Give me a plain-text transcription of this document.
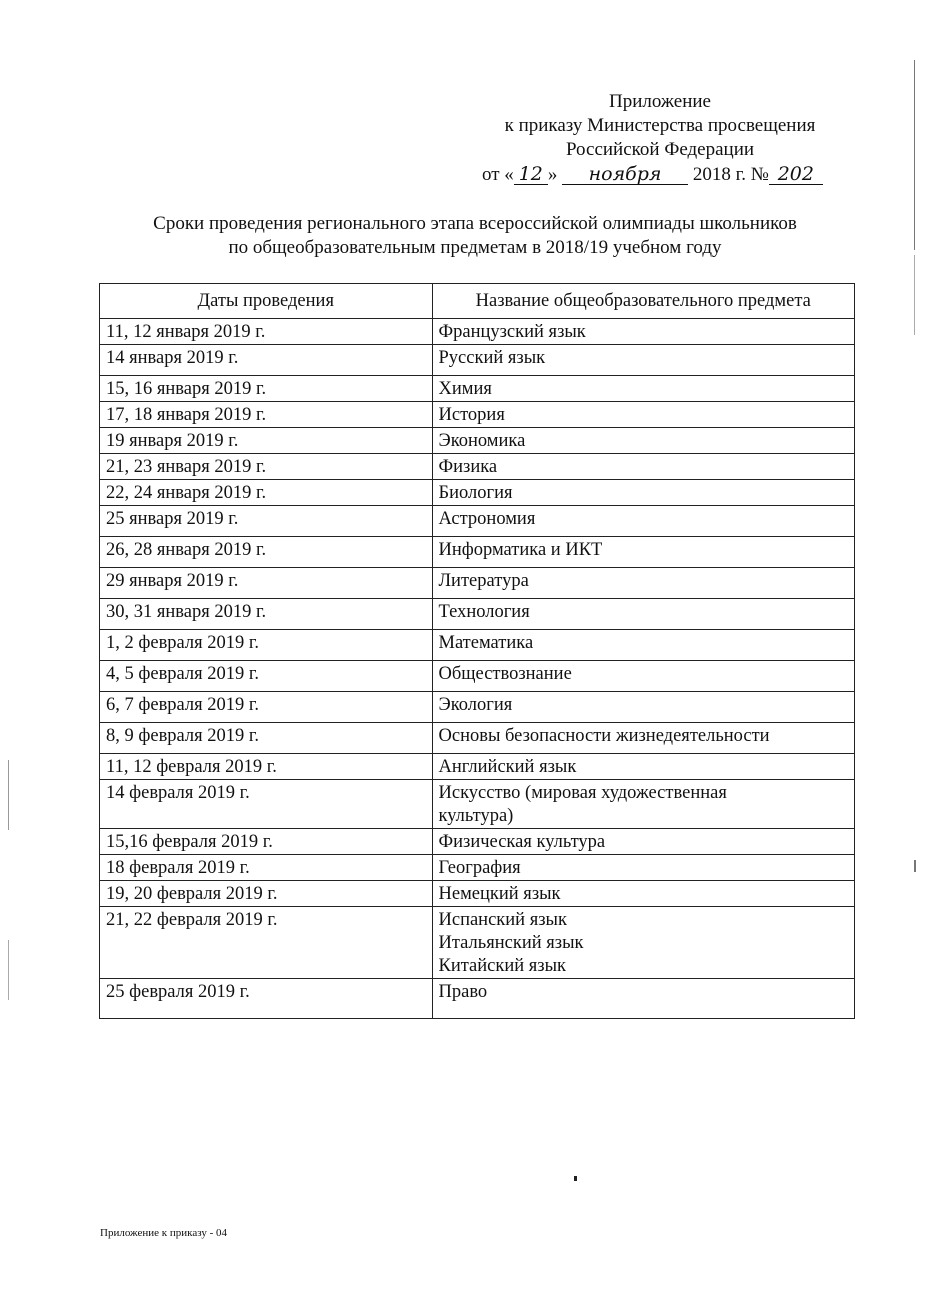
Приложение
к приказу Министерства просвещения
Российской Федерации
от « 12 » ноября 2018 г. № 202
Сроки проведения регионального этапа всероссийской олимпиады школьников
по общеобразовательным предметам в 2018/19 учебном году
Даты проведения	Название общеобразовательного предмета
11, 12 января 2019 г.	Французский язык

14 января 2019 г.	Русский язык

15, 16 января 2019 г.	Химия

17, 18 января 2019 г.	История

19 января 2019 г.	Экономика

21, 23 января 2019 г.	Физика

22, 24 января 2019 г.	Биология

25 января 2019 г.	Астрономия

26, 28 января 2019 г.	Информатика и ИКТ

29 января 2019 г.	Литература

30, 31 января 2019 г.	Технология

1, 2 февраля 2019 г.	Математика

4, 5 февраля 2019 г.	Обществознание

6, 7 февраля 2019 г.	Экология

8, 9 февраля 2019 г.	Основы безопасности жизнедеятельности

11, 12 февраля 2019 г.	Английский язык

14 февраля 2019 г.	Искусство (мировая художественная
культура)

15,16 февраля 2019 г.	Физическая культура

18 февраля 2019 г.	География

19, 20 февраля 2019 г.	Немецкий язык

21, 22 февраля 2019 г.	Испанский язык
Итальянский язык
Китайский язык

25 февраля 2019 г.	Право
Приложение к приказу - 04
